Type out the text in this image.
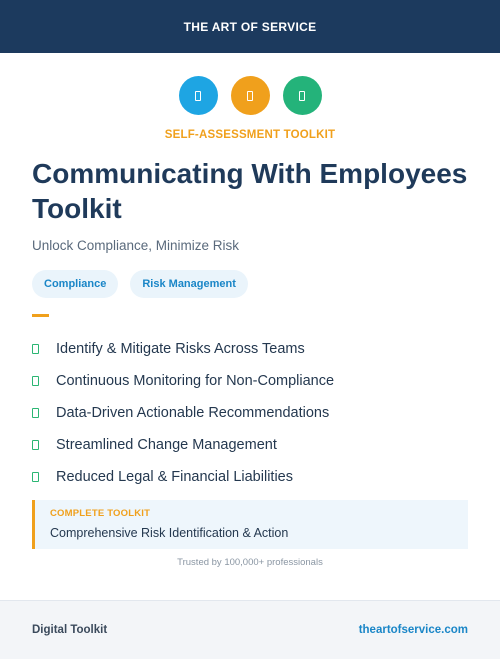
THE ART OF SERVICE
SELF-ASSESSMENT TOOLKIT
Communicating With Employees Toolkit

Unlock Compliance, Minimize Risk

Compliance	Risk Management
Identify & Mitigate Risks Across Teams
Continuous Monitoring for Non-Compliance
Data-Driven Actionable Recommendations
Streamlined Change Management
Reduced Legal & Financial Liabilities
COMPLETE TOOLKIT
Comprehensive Risk Identification & Action
Trusted by 100,000+ professionals
Digital Toolkit	theartofservice.com
